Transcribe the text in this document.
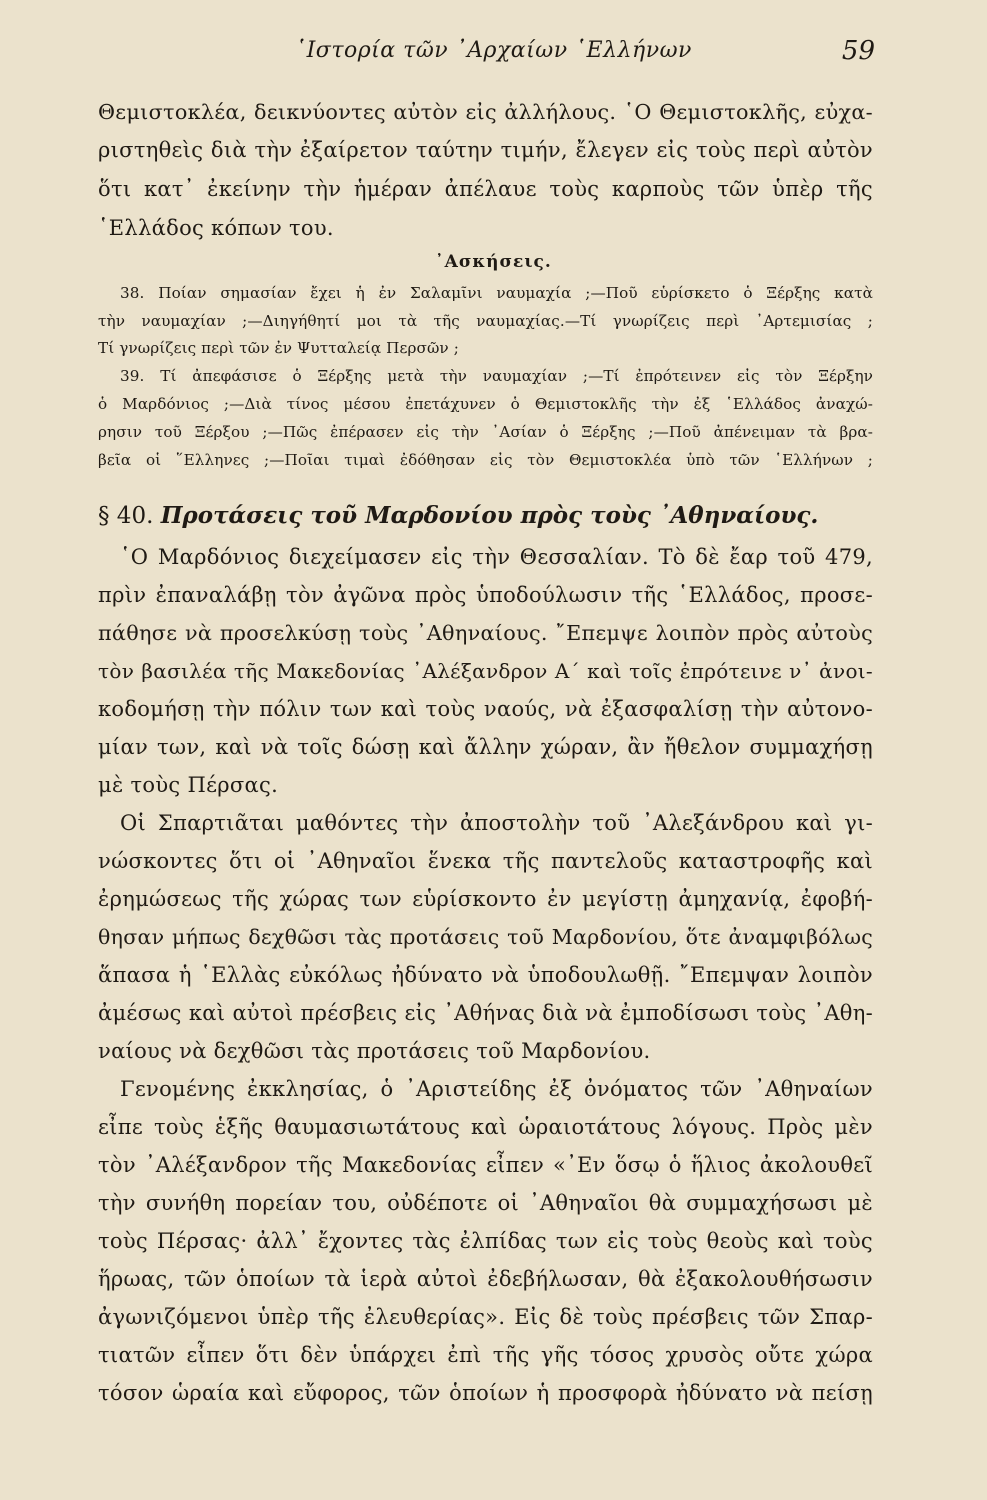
῾Ιστορία τῶν ᾿Αρχαίων ῾Ελλήνων	59
Θεμιστοκλέα, δεικνύοντες αὐτὸν εἰς ἀλλήλους. ῾Ο Θεμιστοκλῆς, εὐχα-
ριστηθεὶς διὰ τὴν ἐξαίρετον ταύτην τιμήν, ἔλεγεν εἰς τοὺς περὶ αὐτὸν
ὅτι κατ᾽ ἐκείνην τὴν ἡμέραν ἀπέλαυε τοὺς καρποὺς τῶν ὑπὲρ τῆς
῾Ελλάδος κόπων του.
᾿Ασκήσεις.
38. Ποίαν σημασίαν ἔχει ἡ ἐν Σαλαμῖνι ναυμαχία ;—Ποῦ εὑρίσκετο ὁ Ξέρξης κατὰ
τὴν ναυμαχίαν ;—Διηγήθητί μοι τὰ τῆς ναυμαχίας.—Τί γνωρίζεις περὶ ᾿Αρτεμισίας ;
Τί γνωρίζεις περὶ τῶν ἐν Ψυτταλείᾳ Περσῶν ;
39. Τί ἀπεφάσισε ὁ Ξέρξης μετὰ τὴν ναυμαχίαν ;—Τί ἐπρότεινεν εἰς τὸν Ξέρξην
ὁ Μαρδόνιος ;—Διὰ τίνος μέσου ἐπετάχυνεν ὁ Θεμιστοκλῆς τὴν ἐξ ῾Ελλάδος ἀναχώ-
ρησιν τοῦ Ξέρξου ;—Πῶς ἐπέρασεν εἰς τὴν ᾿Ασίαν ὁ Ξέρξης ;—Ποῦ ἀπένειμαν τὰ βρα-
βεῖα οἱ ῞Ελληνες ;—Ποῖαι τιμαὶ ἐδόθησαν εἰς τὸν Θεμιστοκλέα ὑπὸ τῶν ῾Ελλήνων ;
§ 40. Προτάσεις τοῦ Μαρδονίου πρὸς τοὺς ᾿Αθηναίους.
῾Ο Μαρδόνιος διεχείμασεν εἰς τὴν Θεσσαλίαν. Τὸ δὲ ἔαρ τοῦ 479,
πρὶν ἐπαναλάβῃ τὸν ἀγῶνα πρὸς ὑποδούλωσιν τῆς ῾Ελλάδος, προσε-
πάθησε νὰ προσελκύσῃ τοὺς ᾿Αθηναίους. ῎Επεμψε λοιπὸν πρὸς αὐτοὺς
τὸν βασιλέα τῆς Μακεδονίας ᾿Αλέξανδρον Α´ καὶ τοῖς ἐπρότεινε ν᾽ ἀνοι-
κοδομήσῃ τὴν πόλιν των καὶ τοὺς ναούς, νὰ ἐξασφαλίσῃ τὴν αὐτονο-
μίαν των, καὶ νὰ τοῖς δώσῃ καὶ ἄλλην χώραν, ἂν ἤθελον συμμαχήσῃ
μὲ τοὺς Πέρσας.
Οἱ Σπαρτιᾶται μαθόντες τὴν ἀποστολὴν τοῦ ᾿Αλεξάνδρου καὶ γι-
νώσκοντες ὅτι οἱ ᾿Αθηναῖοι ἕνεκα τῆς παντελοῦς καταστροφῆς καὶ
ἐρημώσεως τῆς χώρας των εὑρίσκοντο ἐν μεγίστῃ ἀμηχανίᾳ, ἐφοβή-
θησαν μήπως δεχθῶσι τὰς προτάσεις τοῦ Μαρδονίου, ὅτε ἀναμφιβόλως
ἅπασα ἡ ῾Ελλὰς εὐκόλως ἠδύνατο νὰ ὑποδουλωθῇ. ῎Επεμψαν λοιπὸν
ἀμέσως καὶ αὐτοὶ πρέσβεις εἰς ᾿Αθήνας διὰ νὰ ἐμποδίσωσι τοὺς ᾿Αθη-
ναίους νὰ δεχθῶσι τὰς προτάσεις τοῦ Μαρδονίου.
Γενομένης ἐκκλησίας, ὁ ᾿Αριστείδης ἐξ ὀνόματος τῶν ᾿Αθηναίων
εἶπε τοὺς ἑξῆς θαυμασιωτάτους καὶ ὡραιοτάτους λόγους. Πρὸς μὲν
τὸν ᾿Αλέξανδρον τῆς Μακεδονίας εἶπεν «᾿Εν ὅσῳ ὁ ἥλιος ἀκολουθεῖ
τὴν συνήθη πορείαν του, οὐδέποτε οἱ ᾿Αθηναῖοι θὰ συμμαχήσωσι μὲ
τοὺς Πέρσας· ἀλλ᾽ ἔχοντες τὰς ἐλπίδας των εἰς τοὺς θεοὺς καὶ τοὺς
ἥρωας, τῶν ὁποίων τὰ ἱερὰ αὐτοὶ ἐδεβήλωσαν, θὰ ἐξακολουθήσωσιν
ἀγωνιζόμενοι ὑπὲρ τῆς ἐλευθερίας». Εἰς δὲ τοὺς πρέσβεις τῶν Σπαρ-
τιατῶν εἶπεν ὅτι δὲν ὑπάρχει ἐπὶ τῆς γῆς τόσος χρυσὸς οὔτε χώρα
τόσον ὡραία καὶ εὔφορος, τῶν ὁποίων ἡ προσφορὰ ἠδύνατο νὰ πείσῃ
